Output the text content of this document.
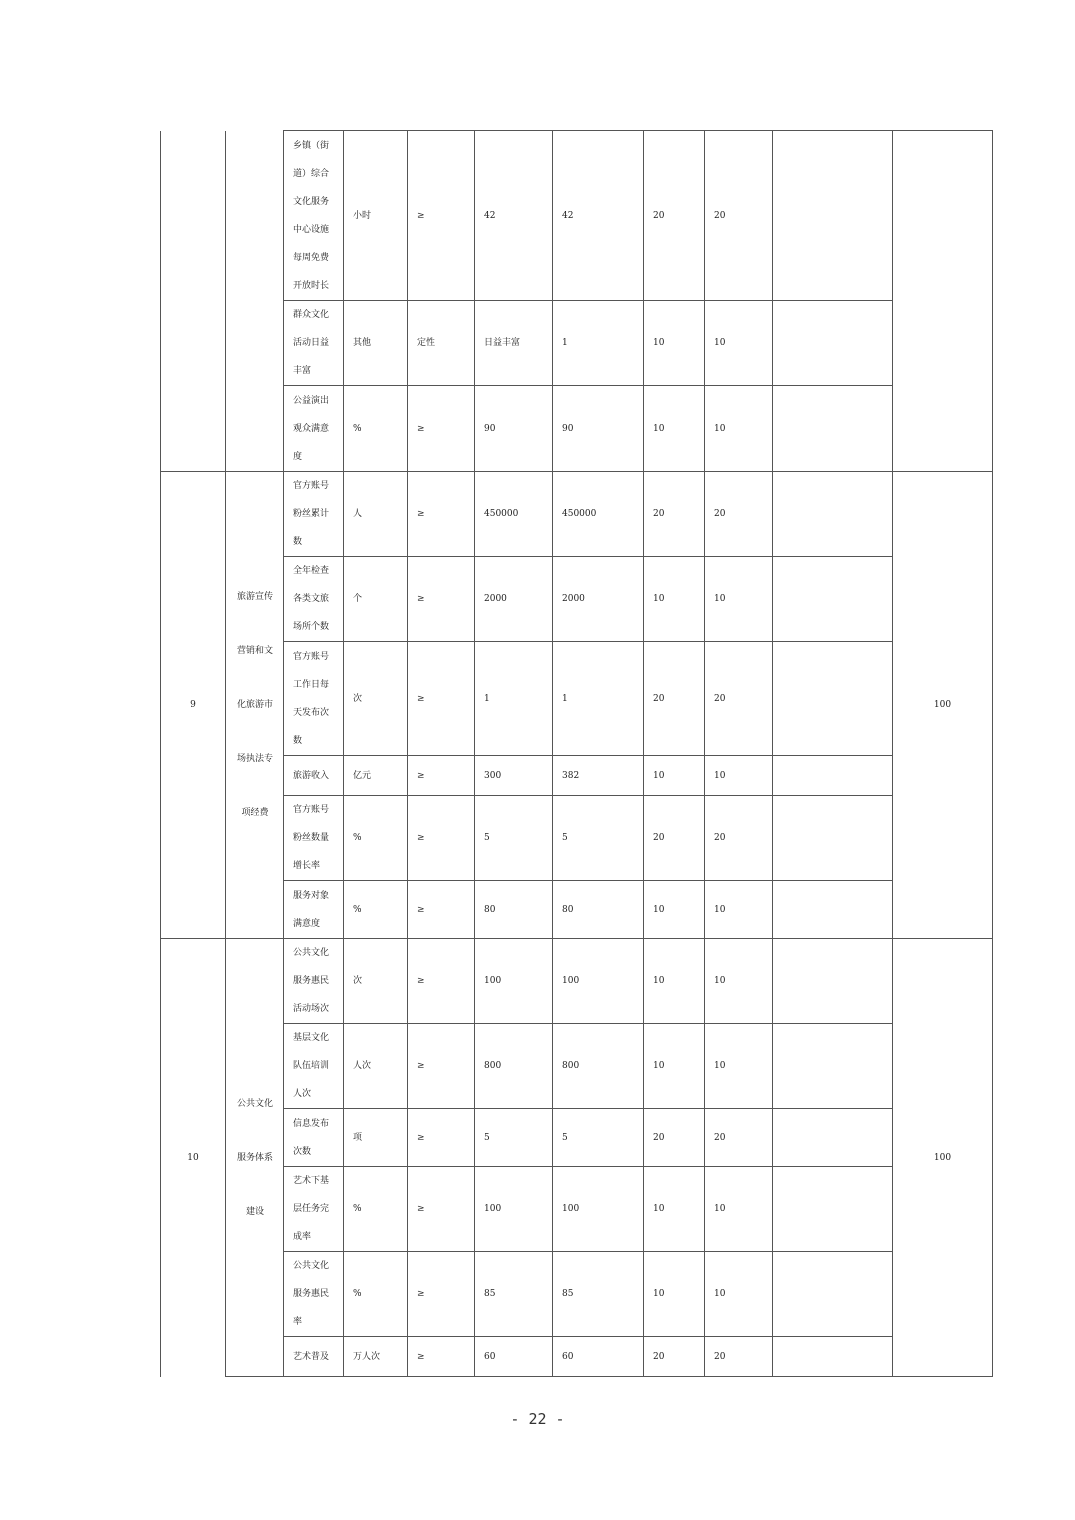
		乡镇（街道）综合文化服务中心设施每周免费开放时长	小时	≥	42	42	20	20		

		群众文化活动日益丰富	其他	定性	日益丰富	1	10	10		

		公益演出观众满意度	%	≥	90	90	10	10		
9	旅游宣传营销和文化旅游市场执法专项经费	官方账号粉丝累计数	人	≥	450000	450000	20	20		100

		全年检查各类文旅场所个数	个	≥	2000	2000	10	10		

		官方账号工作日每天发布次数	次	≥	1	1	20	20		

		旅游收入	亿元	≥	300	382	10	10		

		官方账号粉丝数量增长率	%	≥	5	5	20	20		

		服务对象满意度	%	≥	80	80	10	10		
10	公共文化服务体系建设	公共文化服务惠民活动场次	次	≥	100	100	10	10		100

		基层文化队伍培训人次	人次	≥	800	800	10	10		

		信息发布次数	项	≥	5	5	20	20		

		艺术下基层任务完成率	%	≥	100	100	10	10		

		公共文化服务惠民率	%	≥	85	85	10	10		

		艺术普及	万人次	≥	60	60	20	20		
- 22 -
